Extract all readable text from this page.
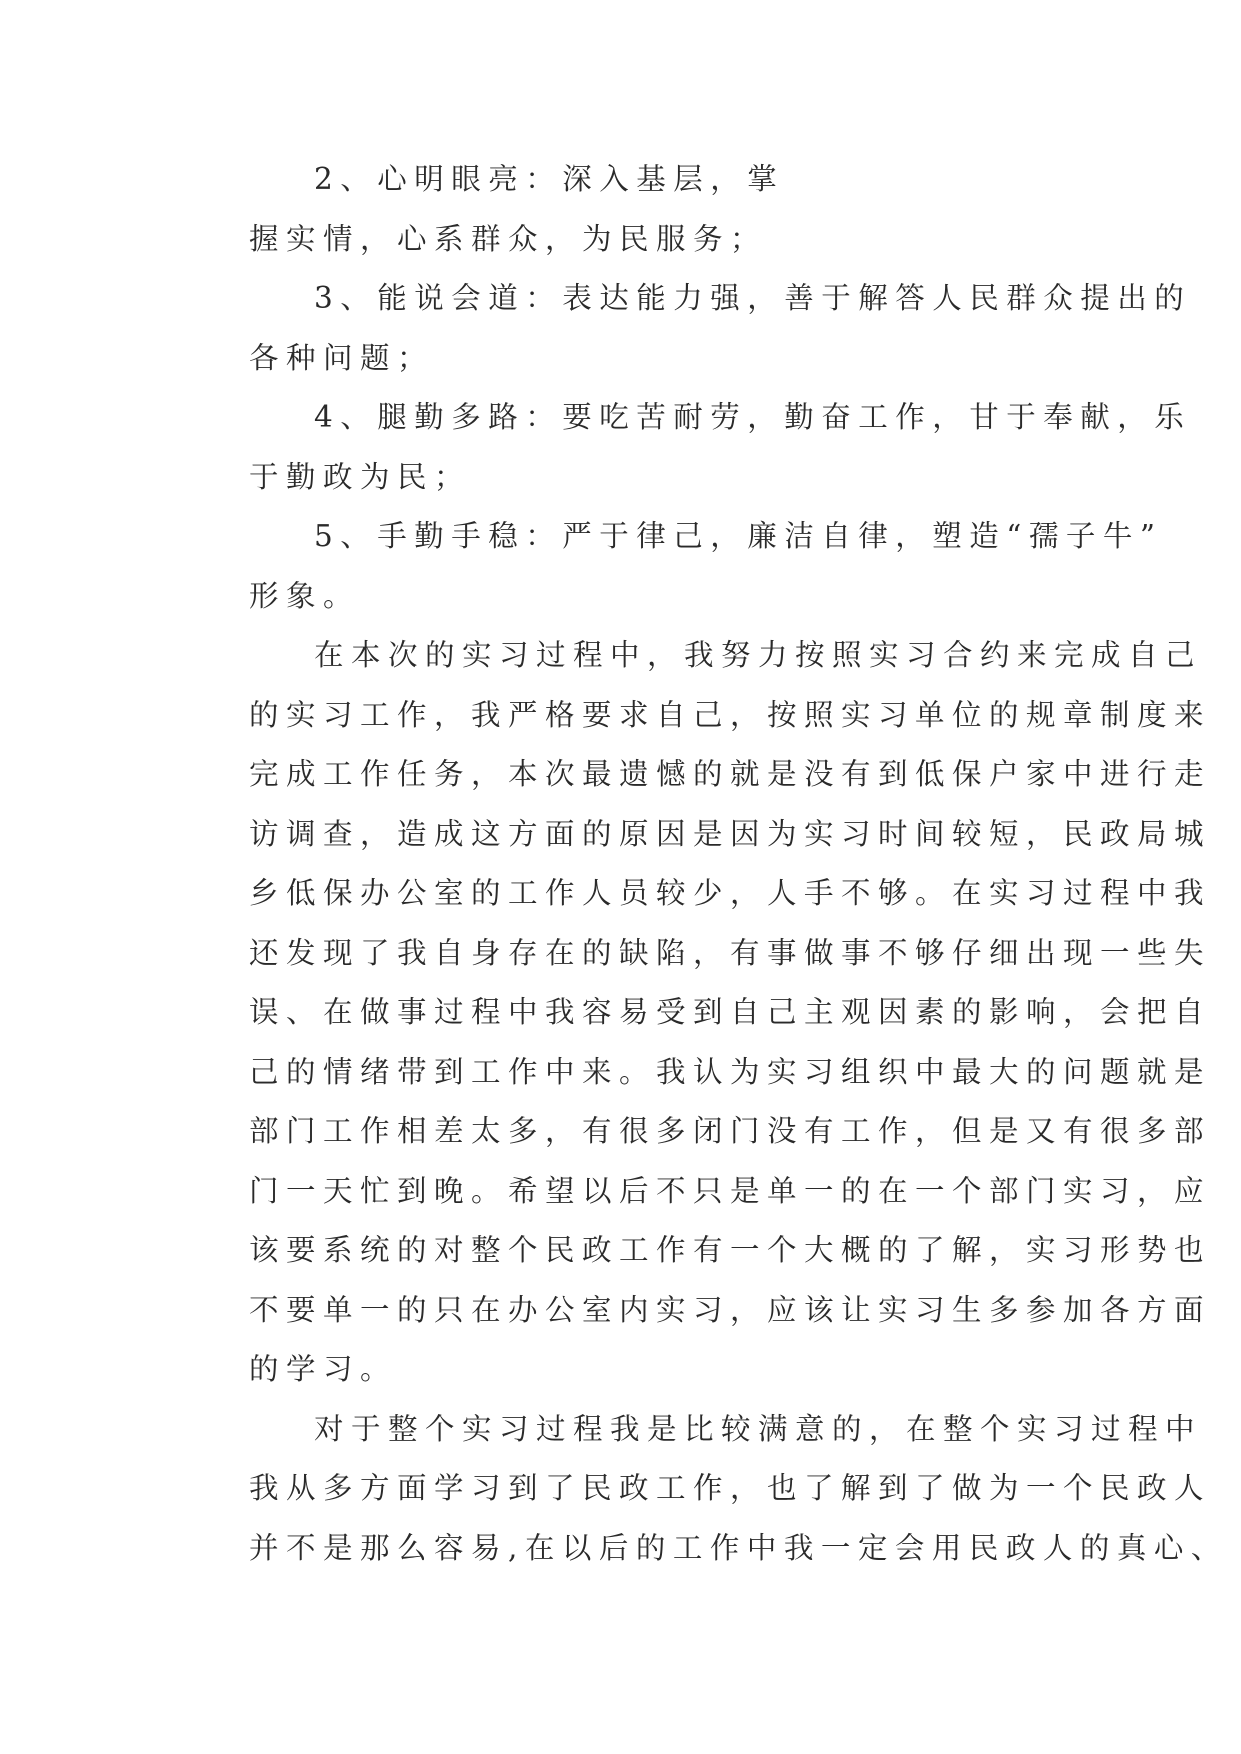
2、心明眼亮：深入基层，掌
握实情，心系群众，为民服务；
3、能说会道：表达能力强，善于解答人民群众提出的
各种问题；
4、腿勤多路：要吃苦耐劳，勤奋工作，甘于奉献，乐
于勤政为民；
5、手勤手稳：严于律己，廉洁自律，塑造“孺子牛”
形象。
在本次的实习过程中，我努力按照实习合约来完成自己
的实习工作，我严格要求自己，按照实习单位的规章制度来
完成工作任务，本次最遗憾的就是没有到低保户家中进行走
访调查，造成这方面的原因是因为实习时间较短，民政局城
乡低保办公室的工作人员较少，人手不够。在实习过程中我
还发现了我自身存在的缺陷，有事做事不够仔细出现一些失
误、在做事过程中我容易受到自己主观因素的影响，会把自
己的情绪带到工作中来。我认为实习组织中最大的问题就是
部门工作相差太多，有很多闭门没有工作，但是又有很多部
门一天忙到晚。希望以后不只是单一的在一个部门实习，应
该要系统的对整个民政工作有一个大概的了解，实习形势也
不要单一的只在办公室内实习，应该让实习生多参加各方面
的学习。
对于整个实习过程我是比较满意的，在整个实习过程中
我从多方面学习到了民政工作，也了解到了做为一个民政人
并不是那么容易,在以后的工作中我一定会用民政人的真心、
